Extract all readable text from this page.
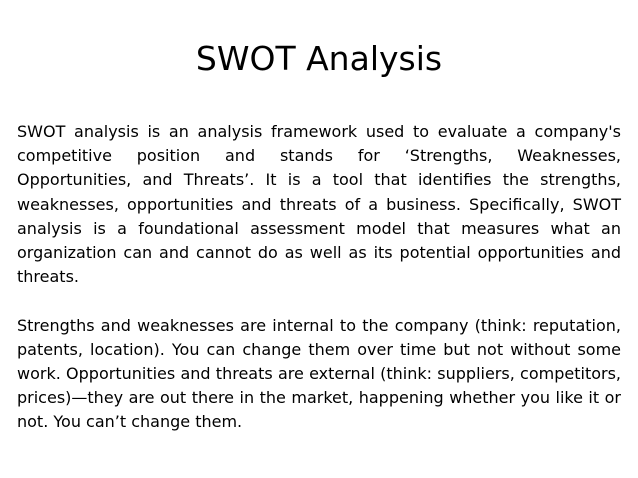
SWOT Analysis

SWOT analysis is an analysis framework used to evaluate a company's competitive position and stands for ‘Strengths, Weaknesses, Opportunities, and Threats’. It is a tool that identifies the strengths, weaknesses, opportunities and threats of a business. Specifically, SWOT analysis is a foundational assessment model that measures what an organization can and cannot do as well as its potential opportunities and threats.

Strengths and weaknesses are internal to the company (think: reputation, patents, location). You can change them over time but not without some work. Opportunities and threats are external (think: suppliers, competitors, prices)—they are out there in the market, happening whether you like it or not. You can’t change them.
